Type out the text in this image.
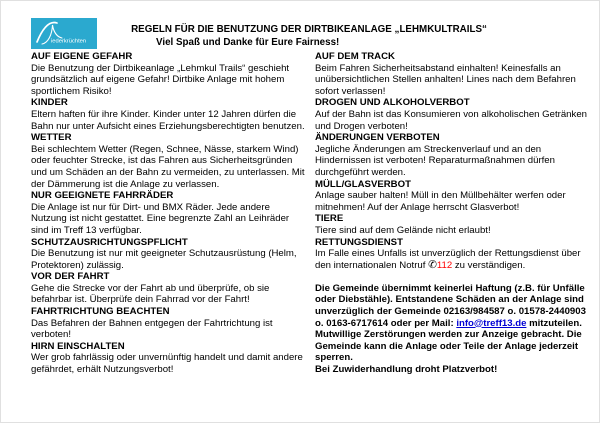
iederkrüchten
REGELN FÜR DIE BENUTZUNG DER DIRTBIKEANLAGE „LEHMKULTRAILS“
Viel Spaß und Danke für Eure Fairness!
AUF EIGENE GEFAHR

Die Benutzung der Dirtbikeanlage „Lehmkul Trails“ geschieht grundsätzlich auf eigene Gefahr! Dirtbike Anlage mit hohem sportlichem Risiko!

KINDER

Eltern haften für ihre Kinder. Kinder unter 12 Jahren dürfen die Bahn nur unter Aufsicht eines Erziehungsberechtigten benutzen.

WETTER

Bei schlechtem Wetter (Regen, Schnee, Nässe, starkem Wind) oder feuchter Strecke, ist das Fahren aus Sicherheitsgründen und um Schäden an der Bahn zu vermeiden, zu unterlassen. Mit der Dämmerung ist die Anlage zu verlassen.

NUR GEEIGNETE FAHRRÄDER

Die Anlage ist nur für Dirt- und BMX Räder. Jede andere Nutzung ist nicht gestattet. Eine begrenzte Zahl an Leihräder sind im Treff 13 verfügbar.

SCHUTZAUSRICHTUNGSPFLICHT

Die Benutzung ist nur mit geeigneter Schutzausrüstung (Helm, Protektoren) zulässig.

VOR DER FAHRT

Gehe die Strecke vor der Fahrt ab und überprüfe, ob sie befahrbar ist. Überprüfe dein Fahrrad vor der Fahrt!

FAHRTRICHTUNG BEACHTEN

Das Befahren der Bahnen entgegen der Fahrtrichtung ist verboten!

HIRN EINSCHALTEN

Wer grob fahrlässig oder unvernünftig handelt und damit andere gefährdet, erhält Nutzungsverbot!

AUF DEM TRACK

Beim Fahren Sicherheitsabstand einhalten! Keinesfalls an unübersichtlichen Stellen anhalten! Lines nach dem Befahren sofort verlassen!

DROGEN UND ALKOHOLVERBOT

Auf der Bahn ist das Konsumieren von alkoholischen Getränken und Drogen verboten!

ÄNDERUNGEN VERBOTEN

Jegliche Änderungen am Streckenverlauf und an den Hindernissen ist verboten! Reparaturmaßnahmen dürfen durchgeführt werden.

MÜLL/GLASVERBOT

Anlage sauber halten! Müll in den Müllbehälter werfen oder mitnehmen! Auf der Anlage herrscht Glasverbot!

TIERE

Tiere sind auf dem Gelände nicht erlaubt!

RETTUNGSDIENST

Im Falle eines Unfalls ist unverzüglich der Rettungsdienst über den internationalen Notruf ✆112 zu verständigen.

Die Gemeinde übernimmt keinerlei Haftung (z.B. für Unfälle oder Diebstähle). Entstandene Schäden an der Anlage sind unverzüglich der Gemeinde 02163/984587 o. 01578-2440903 o. 0163-6717614 oder per Mail: info@treff13.de mitzuteilen. Mutwillige Zerstörungen werden zur Anzeige gebracht. Die Gemeinde kann die Anlage oder Teile der Anlage jederzeit sperren.

Bei Zuwiderhandlung droht Platzverbot!
